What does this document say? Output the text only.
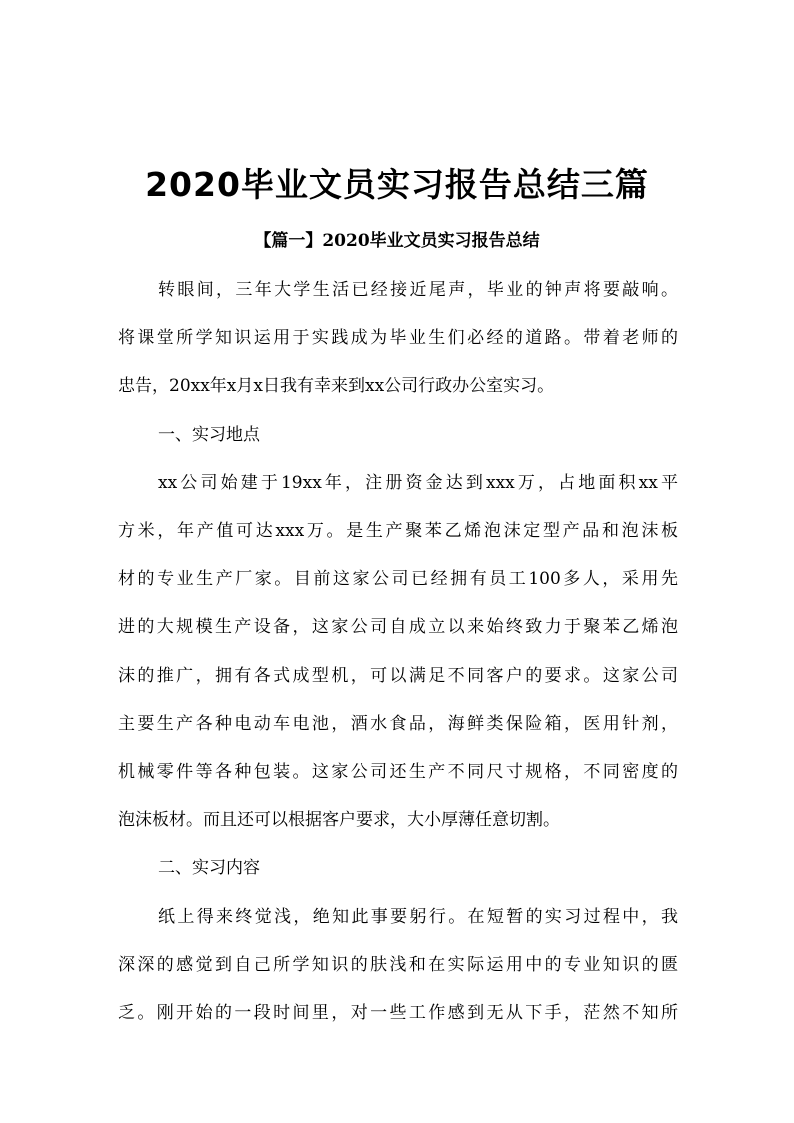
2020毕业文员实习报告总结三篇
【篇一】2020毕业文员实习报告总结
转眼间，三年大学生活已经接近尾声，毕业的钟声将要敲响。
将课堂所学知识运用于实践成为毕业生们必经的道路。带着老师的
忠告，20xx年x月x日我有幸来到xx公司行政办公室实习。
一、实习地点
xx公司始建于19xx年，注册资金达到xxx万，占地面积xx平
方米，年产值可达xxx万。是生产聚苯乙烯泡沫定型产品和泡沫板
材的专业生产厂家。目前这家公司已经拥有员工100多人，采用先
进的大规模生产设备，这家公司自成立以来始终致力于聚苯乙烯泡
沫的推广，拥有各式成型机，可以满足不同客户的要求。这家公司
主要生产各种电动车电池，酒水食品，海鲜类保险箱，医用针剂，
机械零件等各种包装。这家公司还生产不同尺寸规格，不同密度的
泡沫板材。而且还可以根据客户要求，大小厚薄任意切割。
二、实习内容
纸上得来终觉浅，绝知此事要躬行。在短暂的实习过程中，我
深深的感觉到自己所学知识的肤浅和在实际运用中的专业知识的匮
乏。刚开始的一段时间里，对一些工作感到无从下手，茫然不知所
